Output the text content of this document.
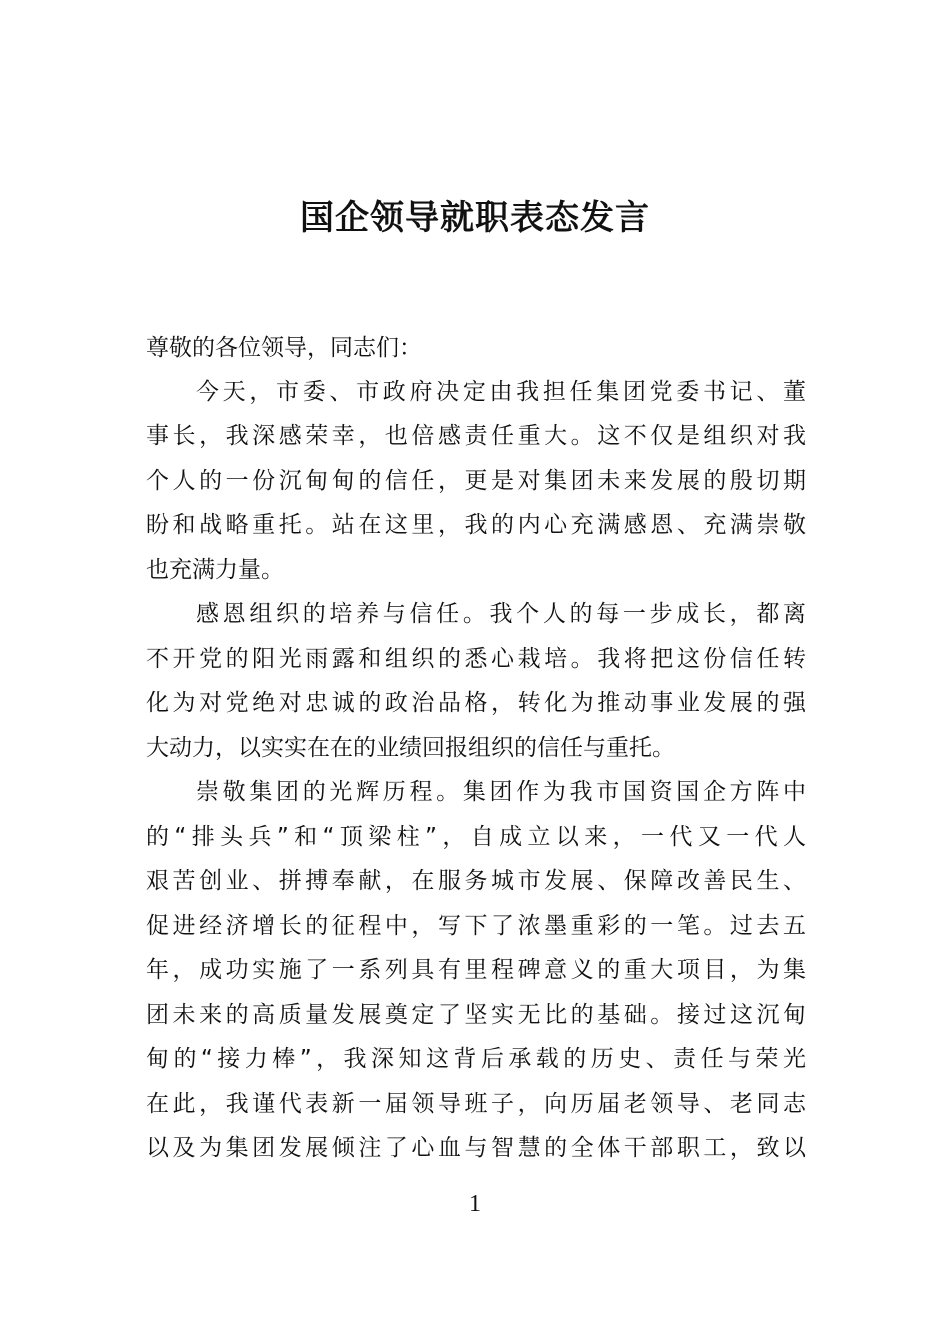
国企领导就职表态发言
尊敬的各位领导，同志们：
今天，市委、市政府决定由我担任集团党委书记、董
事长，我深感荣幸，也倍感责任重大。这不仅是组织对我
个人的一份沉甸甸的信任，更是对集团未来发展的殷切期
盼和战略重托。站在这里，我的内心充满感恩、充满崇敬
也充满力量。
感恩组织的培养与信任。我个人的每一步成长，都离
不开党的阳光雨露和组织的悉心栽培。我将把这份信任转
化为对党绝对忠诚的政治品格，转化为推动事业发展的强
大动力，以实实在在的业绩回报组织的信任与重托。
崇敬集团的光辉历程。集团作为我市国资国企方阵中
的“排头兵”和“顶梁柱”，自成立以来，一代又一代人
艰苦创业、拼搏奉献，在服务城市发展、保障改善民生、
促进经济增长的征程中，写下了浓墨重彩的一笔。过去五
年，成功实施了一系列具有里程碑意义的重大项目，为集
团未来的高质量发展奠定了坚实无比的基础。接过这沉甸
甸的“接力棒”，我深知这背后承载的历史、责任与荣光
在此，我谨代表新一届领导班子，向历届老领导、老同志
以及为集团发展倾注了心血与智慧的全体干部职工，致以
1
